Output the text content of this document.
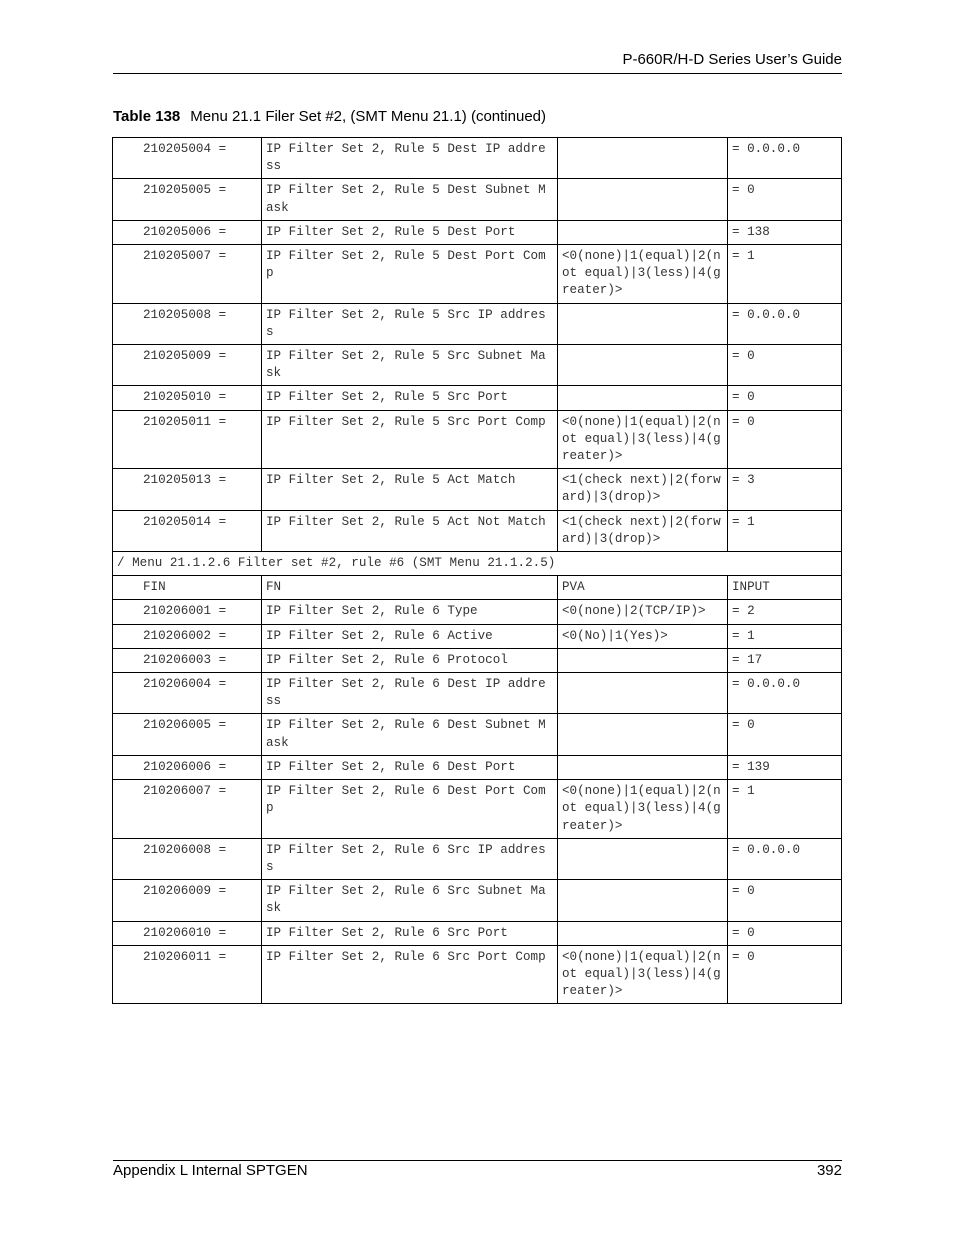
P-660R/H-D Series User’s Guide
Table 138 Menu 21.1 Filer Set #2, (SMT Menu 21.1) (continued)
210205004 =	IP Filter Set 2, Rule 5 Dest IP address		= 0.0.0.0
210205005 =	IP Filter Set 2, Rule 5 Dest Subnet Mask		= 0
210205006 =	IP Filter Set 2, Rule 5 Dest Port		= 138
210205007 =	IP Filter Set 2, Rule 5 Dest Port Comp	<0(none)|1(equal)|2(not equal)|3(less)|4(greater)>	= 1
210205008 =	IP Filter Set 2, Rule 5 Src IP address		= 0.0.0.0
210205009 =	IP Filter Set 2, Rule 5 Src Subnet Mask		= 0
210205010 =	IP Filter Set 2, Rule 5 Src Port		= 0
210205011 =	IP Filter Set 2, Rule 5 Src Port Comp	<0(none)|1(equal)|2(not equal)|3(less)|4(greater)>	= 0
210205013 =	IP Filter Set 2, Rule 5 Act Match	<1(check next)|2(forward)|3(drop)>	= 3
210205014 =	IP Filter Set 2, Rule 5 Act Not Match	<1(check next)|2(forward)|3(drop)>	= 1
/ Menu 21.1.2.6 Filter set #2, rule #6 (SMT Menu 21.1.2.5)			
FIN	FN	PVA	INPUT
210206001 =	IP Filter Set 2, Rule 6 Type	<0(none)|2(TCP/IP)>	= 2
210206002 =	IP Filter Set 2, Rule 6 Active	<0(No)|1(Yes)>	= 1
210206003 =	IP Filter Set 2, Rule 6 Protocol		= 17
210206004 =	IP Filter Set 2, Rule 6 Dest IP address		= 0.0.0.0
210206005 =	IP Filter Set 2, Rule 6 Dest Subnet Mask		= 0
210206006 =	IP Filter Set 2, Rule 6 Dest Port		= 139
210206007 =	IP Filter Set 2, Rule 6 Dest Port Comp	<0(none)|1(equal)|2(not equal)|3(less)|4(greater)>	= 1
210206008 =	IP Filter Set 2, Rule 6 Src IP address		= 0.0.0.0
210206009 =	IP Filter Set 2, Rule 6 Src Subnet Mask		= 0
210206010 =	IP Filter Set 2, Rule 6 Src Port		= 0
210206011 =	IP Filter Set 2, Rule 6 Src Port Comp	<0(none)|1(equal)|2(not equal)|3(less)|4(greater)>	= 0
Appendix L Internal SPTGEN	392
